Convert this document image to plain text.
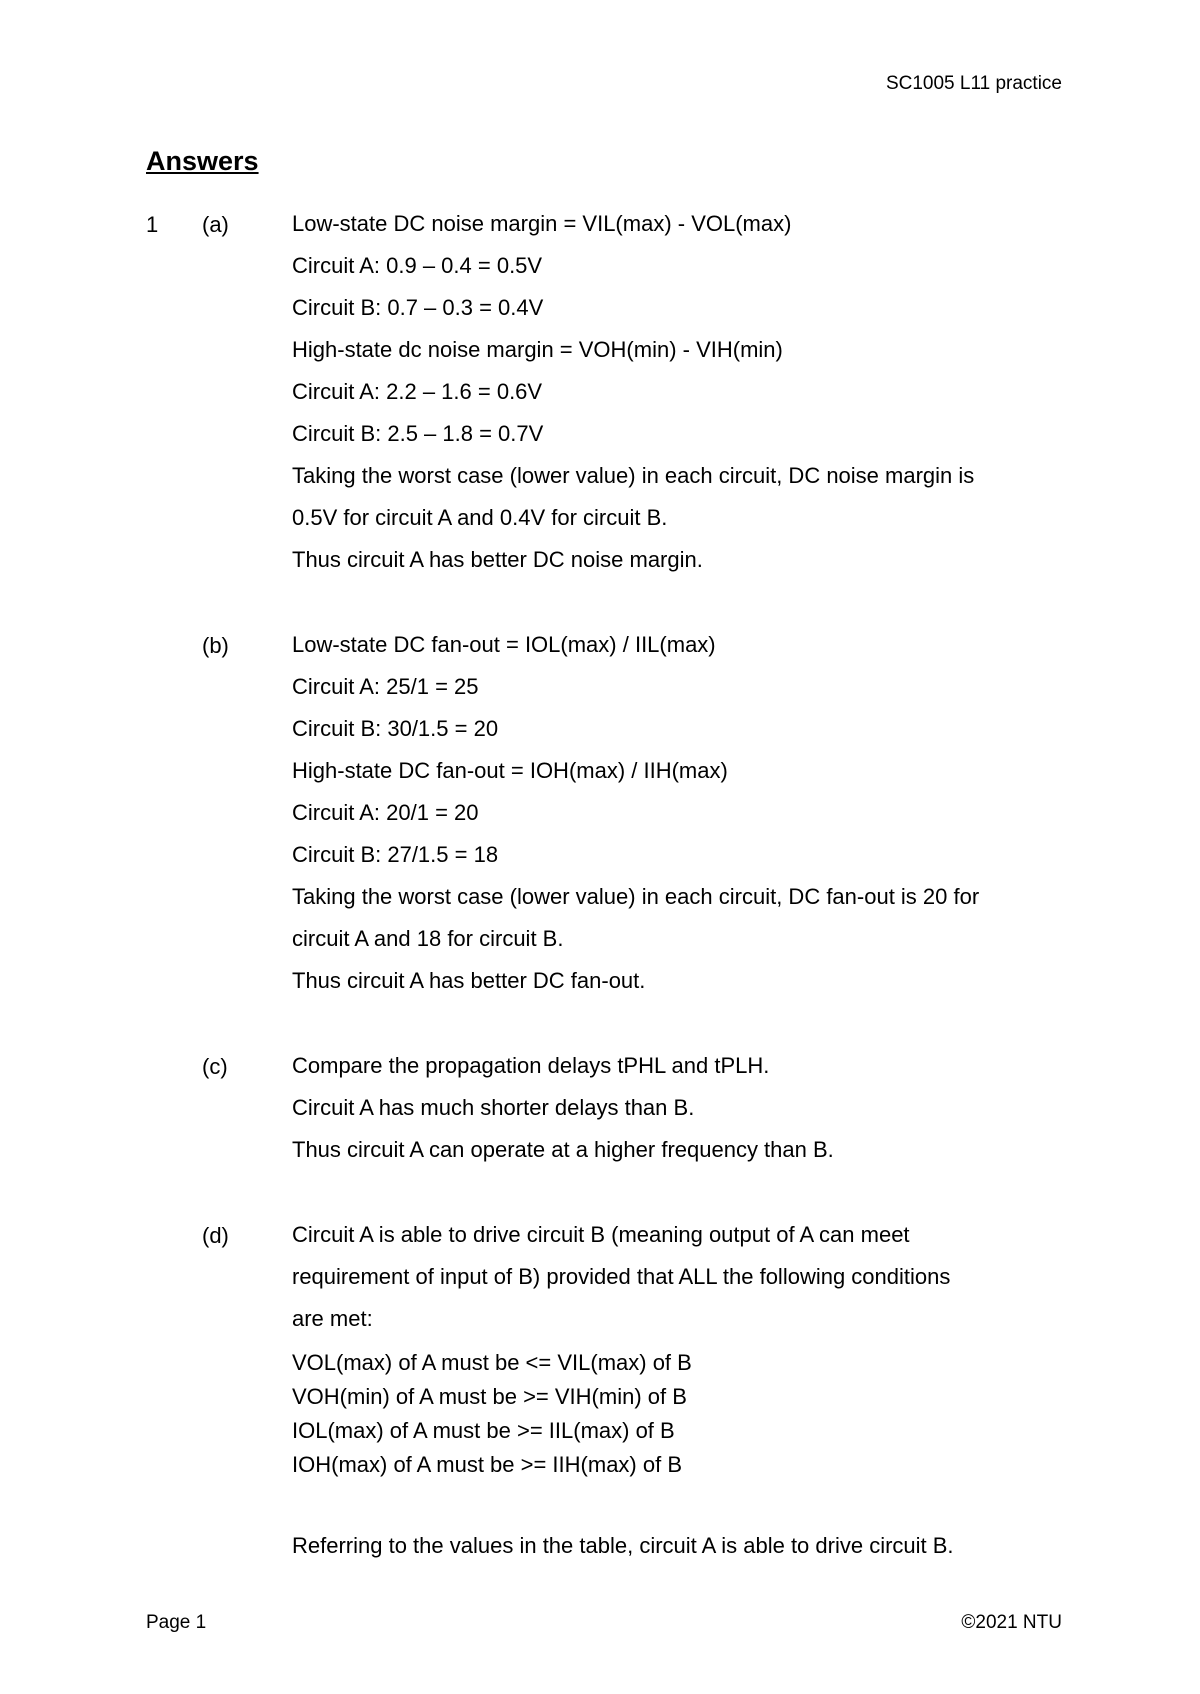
SC1005 L11 practice
Answers
1 (a)	Low-state DC noise margin = VIL(max) - VOL(max)
Circuit A: 0.9 – 0.4 = 0.5V
Circuit B: 0.7 – 0.3 = 0.4V
High-state dc noise margin = VOH(min) - VIH(min)
Circuit A: 2.2 – 1.6 = 0.6V
Circuit B: 2.5 – 1.8 = 0.7V
Taking the worst case (lower value) in each circuit, DC noise margin is
0.5V for circuit A and 0.4V for circuit B.
Thus circuit A has better DC noise margin.
(b)	Low-state DC fan-out = IOL(max) / IIL(max)
Circuit A: 25/1 = 25
Circuit B: 30/1.5 = 20
High-state DC fan-out = IOH(max) / IIH(max)
Circuit A: 20/1 = 20
Circuit B: 27/1.5 = 18
Taking the worst case (lower value) in each circuit, DC fan-out is 20 for
circuit A and 18 for circuit B.
Thus circuit A has better DC fan-out.
(c)	Compare the propagation delays tPHL and tPLH.
Circuit A has much shorter delays than B.
Thus circuit A can operate at a higher frequency than B.
(d)	Circuit A is able to drive circuit B (meaning output of A can meet
requirement of input of B) provided that ALL the following conditions
are met:
VOL(max) of A must be <= VIL(max) of B
VOH(min) of A must be >= VIH(min) of B
IOL(max) of A must be >= IIL(max) of B
IOH(max) of A must be >= IIH(max) of B
Referring to the values in the table, circuit A is able to drive circuit B.
Page 1	©2021 NTU
